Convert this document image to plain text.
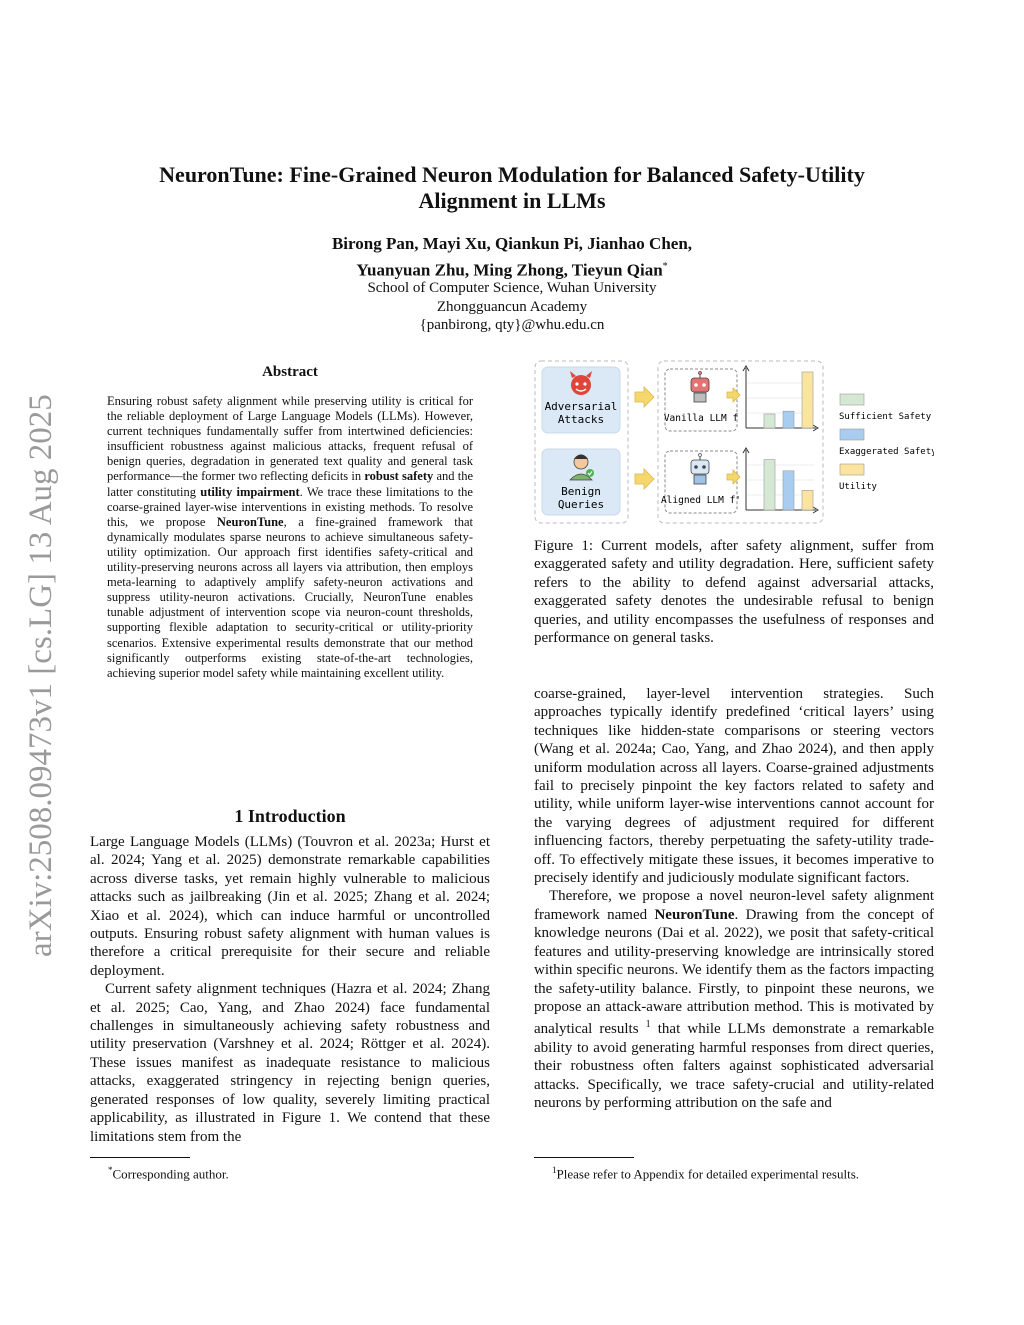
arXiv:2508.09473v1 [cs.LG] 13 Aug 2025
NeuronTune: Fine-Grained Neuron Modulation for Balanced Safety-Utility
Alignment in LLMs
Birong Pan, Mayi Xu, Qiankun Pi, Jianhao Chen,
Yuanyuan Zhu, Ming Zhong, Tieyun Qian*
School of Computer Science, Wuhan University
Zhongguancun Academy
{panbirong, qty}@whu.edu.cn
Abstract
Ensuring robust safety alignment while preserving utility is critical for the reliable deployment of Large Language Models (LLMs). However, current techniques fundamentally suffer from intertwined deficiencies: insufficient robustness against malicious attacks, frequent refusal of benign queries, degradation in generated text quality and general task performance—the former two reflecting deficits in robust safety and the latter constituting utility impairment. We trace these limitations to the coarse-grained layer-wise interventions in existing methods. To resolve this, we propose NeuronTune, a fine-grained framework that dynamically modulates sparse neurons to achieve simultaneous safety-utility optimization. Our approach first identifies safety-critical and utility-preserving neurons across all layers via attribution, then employs meta-learning to adaptively amplify safety-neuron activations and suppress utility-neuron activations. Crucially, NeuronTune enables tunable adjustment of intervention scope via neuron-count thresholds, supporting flexible adaptation to security-critical or utility-priority scenarios. Extensive experimental results demonstrate that our method significantly outperforms existing state-of-the-art technologies, achieving superior model safety while maintaining excellent utility.
1 Introduction

Large Language Models (LLMs) (Touvron et al. 2023a; Hurst et al. 2024; Yang et al. 2025) demonstrate remarkable capabilities across diverse tasks, yet remain highly vulnerable to malicious attacks such as jailbreaking (Jin et al. 2025; Zhang et al. 2024; Xiao et al. 2024), which can induce harmful or uncontrolled outputs. Ensuring robust safety alignment with human values is therefore a critical prerequisite for their secure and reliable deployment.

Current safety alignment techniques (Hazra et al. 2024; Zhang et al. 2025; Cao, Yang, and Zhao 2024) face fundamental challenges in simultaneously achieving safety robustness and utility preservation (Varshney et al. 2024; Röttger et al. 2024). These issues manifest as inadequate resistance to malicious attacks, exaggerated stringency in rejecting benign queries, generated responses of low quality, severely limiting practical applicability, as illustrated in Figure 1. We contend that these limitations stem from the

*Corresponding author.
Adversarial
Attacks
Benign
Queries
Vanilla LLM f
Aligned LLM f'
Sufficient Safety
Exaggerated Safety
Utility
Figure 1: Current models, after safety alignment, suffer from exaggerated safety and utility degradation. Here, sufficient safety refers to the ability to defend against adversarial attacks, exaggerated safety denotes the undesirable refusal to benign queries, and utility encompasses the usefulness of responses and performance on general tasks.

coarse-grained, layer-level intervention strategies. Such approaches typically identify predefined ‘critical layers’ using techniques like hidden-state comparisons or steering vectors (Wang et al. 2024a; Cao, Yang, and Zhao 2024), and then apply uniform modulation across all layers. Coarse-grained adjustments fail to precisely pinpoint the key factors related to safety and utility, while uniform layer-wise interventions cannot account for the varying degrees of adjustment required for different influencing factors, thereby perpetuating the safety-utility trade-off. To effectively mitigate these issues, it becomes imperative to precisely identify and judiciously modulate significant factors.

Therefore, we propose a novel neuron-level safety alignment framework named NeuronTune. Drawing from the concept of knowledge neurons (Dai et al. 2022), we posit that safety-critical features and utility-preserving knowledge are intrinsically stored within specific neurons. We identify them as the factors impacting the safety-utility balance. Firstly, to pinpoint these neurons, we propose an attack-aware attribution method. This is motivated by analytical results $^1$ that while LLMs demonstrate a remarkable ability to avoid generating harmful responses from direct queries, their robustness often falters against sophisticated adversarial attacks. Specifically, we trace safety-crucial and utility-related neurons by performing attribution on the safe and

$^1$Please refer to Appendix for detailed experimental results.
